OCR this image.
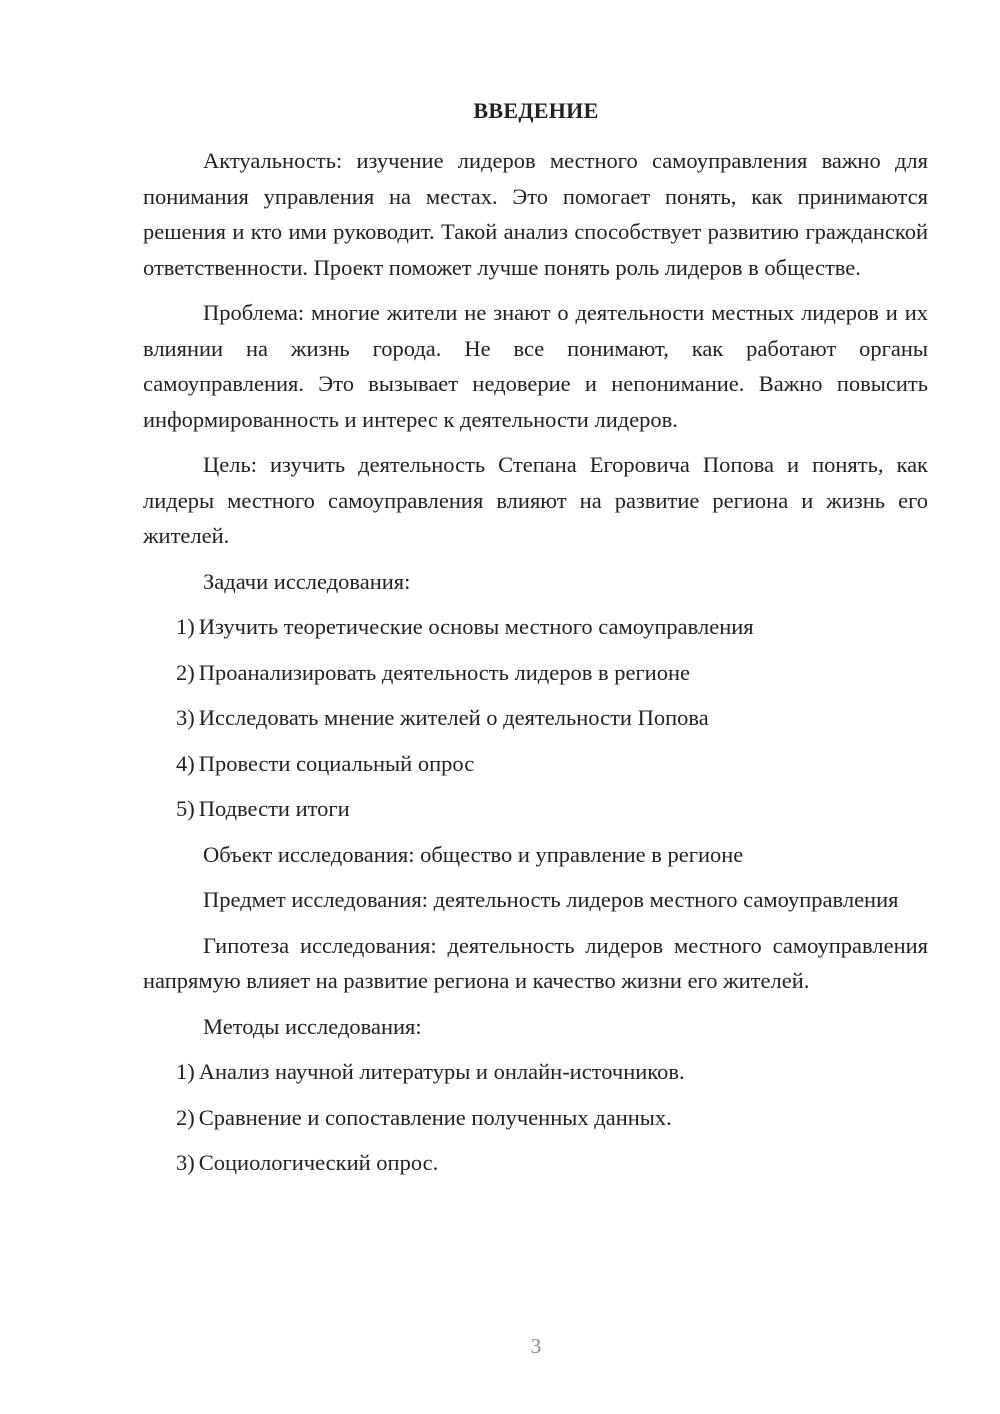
ВВЕДЕНИЕ

Актуальность: изучение лидеров местного самоуправления важно для понимания управления на местах. Это помогает понять, как принимаются решения и кто ими руководит. Такой анализ способствует развитию гражданской ответственности. Проект поможет лучше понять роль лидеров в обществе.

Проблема: многие жители не знают о деятельности местных лидеров и их влиянии на жизнь города. Не все понимают, как работают органы самоуправления. Это вызывает недоверие и непонимание. Важно повысить информированность и интерес к деятельности лидеров.

Цель: изучить деятельность Степана Егоровича Попова и понять, как лидеры местного самоуправления влияют на развитие региона и жизнь его жителей.

Задачи исследования:

1) Изучить теоретические основы местного самоуправления
2) Проанализировать деятельность лидеров в регионе
3) Исследовать мнение жителей о деятельности Попова
4) Провести социальный опрос
5) Подвести итоги

Объект исследования: общество и управление в регионе

Предмет исследования: деятельность лидеров местного самоуправления

Гипотеза исследования: деятельность лидеров местного самоуправления напрямую влияет на развитие региона и качество жизни его жителей.

Методы исследования:

1) Анализ научной литературы и онлайн-источников.
2) Сравнение и сопоставление полученных данных.
3) Социологический опрос.
3
